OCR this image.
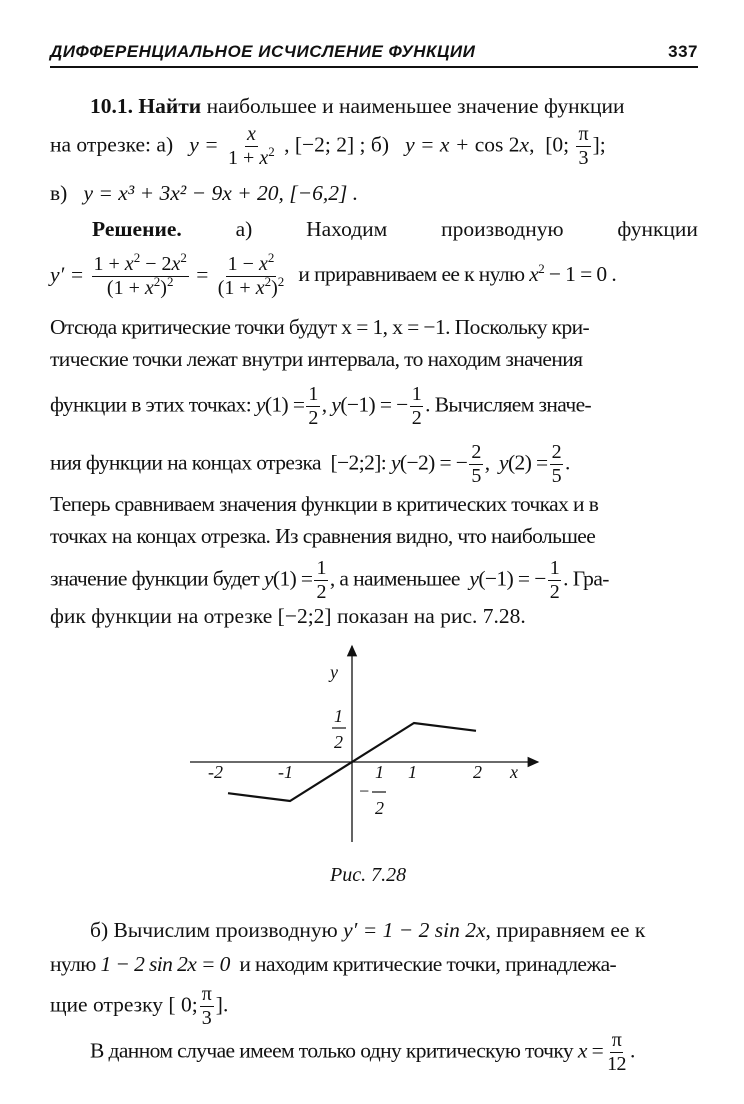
ДИФФЕРЕНЦИАЛЬНОЕ ИСЧИСЛЕНИЕ ФУНКЦИИ	337
10.1. Найти наибольшее и наименьшее значение функции
на отрезке: а)   $y = \frac{x}{1 + x^2}$ , [−2; 2] ; б)   y = x + cos 2x,  [0; $\frac{\pi}{3}$ ];
в) y = x³ + 3x² − 9x + 20, [−6,2] .
Решение.	а)	Находим	производную	функции
$y' = \frac{1 + x^2 - 2x^2}{(1 + x^2)^2} = \frac{1 - x^2}{(1 + x^2)^2}$ и приравниваем ее к нулю $x^2 - 1 = 0$ .
Отсюда критические точки будут x = 1, x = −1. Поскольку кри-
тические точки лежат внутри интервала, то находим значения
функции в этих точках: $y(1) = \frac{1}{2}$ , y(−1) = − $\frac{1}{2}$ . Вычисляем значе-
ния функции на концах отрезка  [−2;2]: y(−2) = − $\frac{2}{5}$ ,  $y(2) = \frac{2}{5}$ .
Теперь сравниваем значения функции в критических точках и в
точках на концах отрезка. Из сравнения видно, что наибольшее
значение функции будет $y(1) = \frac{1}{2}$ , а наименьшее y(−1) = − $\frac{1}{2}$ . Гра-
фик функции на отрезке [−2;2] показан на рис. 7.28.
y
x
-2	-1	1	2
1
2
1
−
2
Рис. 7.28
б) Вычислим производную y′ = 1 − 2 sin 2x, приравняем ее к
нулю 1 − 2 sin 2x = 0 и находим критические точки, принадлежа-
щие отрезку [ 0; $\frac{\pi}{3}$ ].
В данном случае имеем только одну критическую точку $x = \frac{\pi}{12}$ .
